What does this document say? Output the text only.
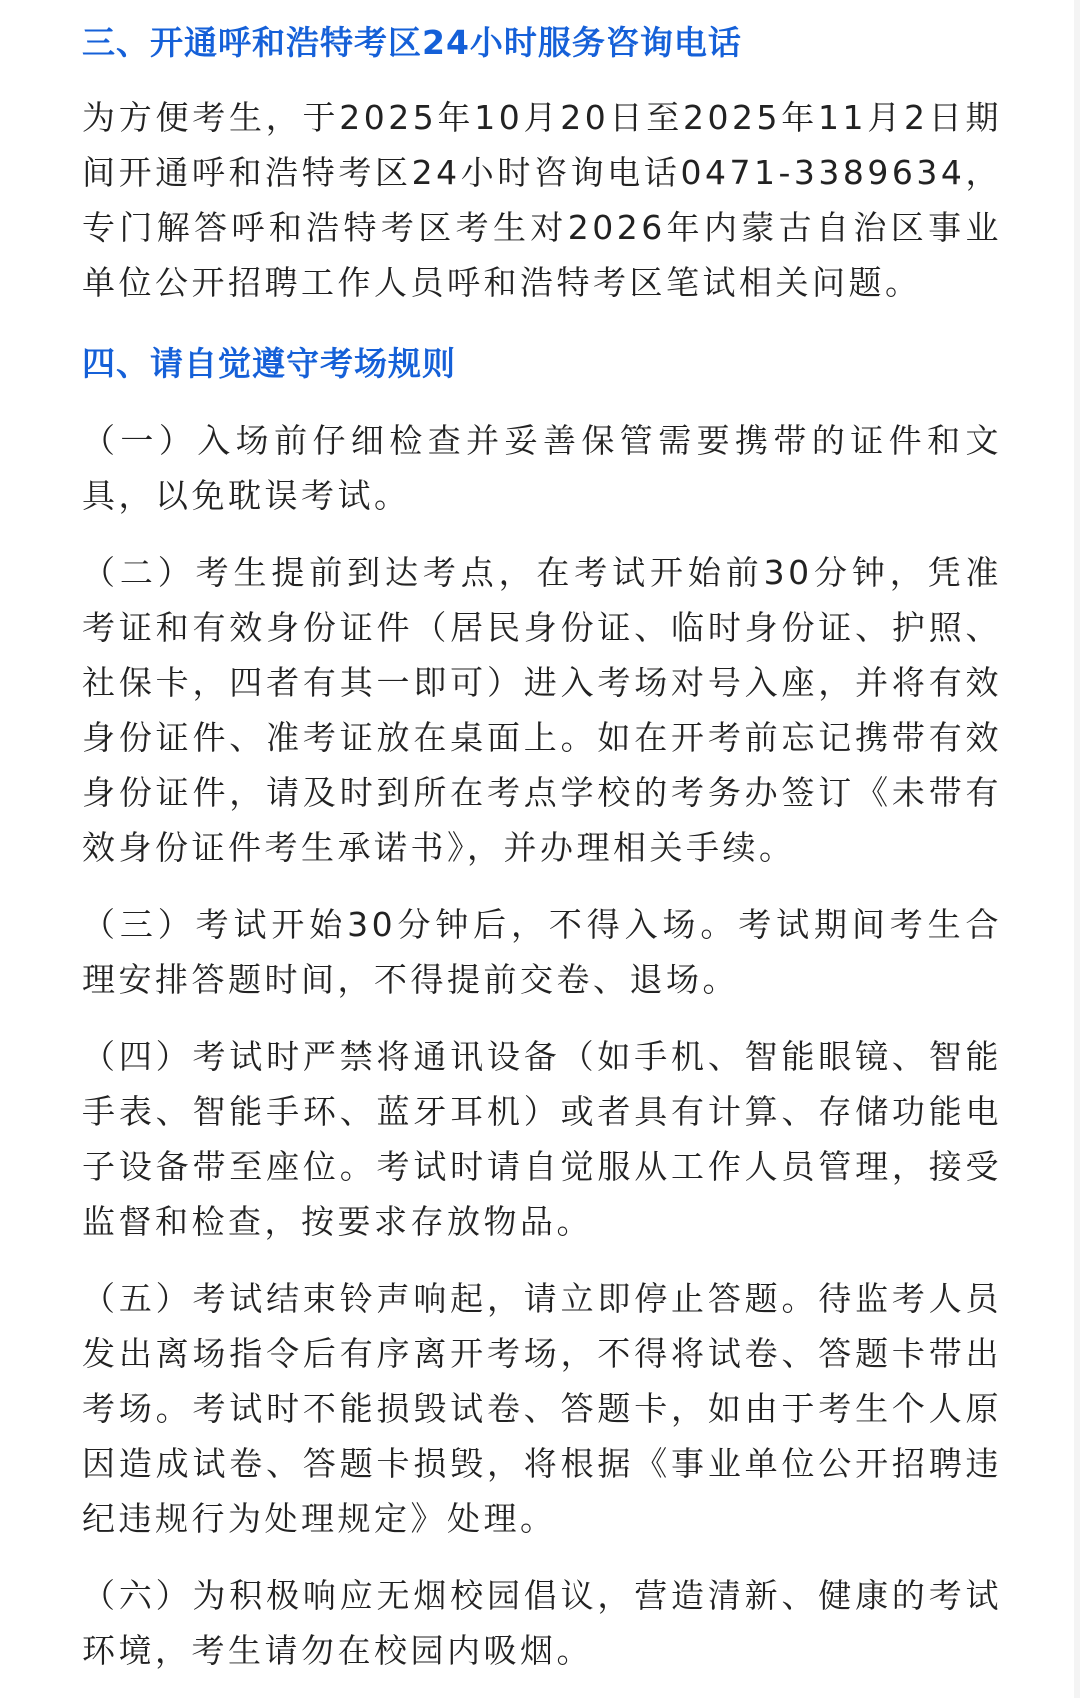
三、开通呼和浩特考区24小时服务咨询电话

为方便考生，于2025年10月20日至2025年11月2日期间开通呼和浩特考区24小时咨询电话0471-3389634，专门解答呼和浩特考区考生对2026年内蒙古自治区事业单位公开招聘工作人员呼和浩特考区笔试相关问题。

四、请自觉遵守考场规则

（一）入场前仔细检查并妥善保管需要携带的证件和文具，以免耽误考试。

（二）考生提前到达考点，在考试开始前30分钟，凭准考证和有效身份证件（居民身份证、临时身份证、护照、社保卡，四者有其一即可）进入考场对号入座，并将有效身份证件、准考证放在桌面上。如在开考前忘记携带有效身份证件，请及时到所在考点学校的考务办签订《未带有效身份证件考生承诺书》，并办理相关手续。

（三）考试开始30分钟后，不得入场。考试期间考生合理安排答题时间，不得提前交卷、退场。

（四）考试时严禁将通讯设备（如手机、智能眼镜、智能手表、智能手环、蓝牙耳机）或者具有计算、存储功能电子设备带至座位。考试时请自觉服从工作人员管理，接受监督和检查，按要求存放物品。

（五）考试结束铃声响起，请立即停止答题。待监考人员发出离场指令后有序离开考场，不得将试卷、答题卡带出考场。考试时不能损毁试卷、答题卡，如由于考生个人原因造成试卷、答题卡损毁，将根据《事业单位公开招聘违纪违规行为处理规定》处理。

（六）为积极响应无烟校园倡议，营造清新、健康的考试环境，考生请勿在校园内吸烟。
